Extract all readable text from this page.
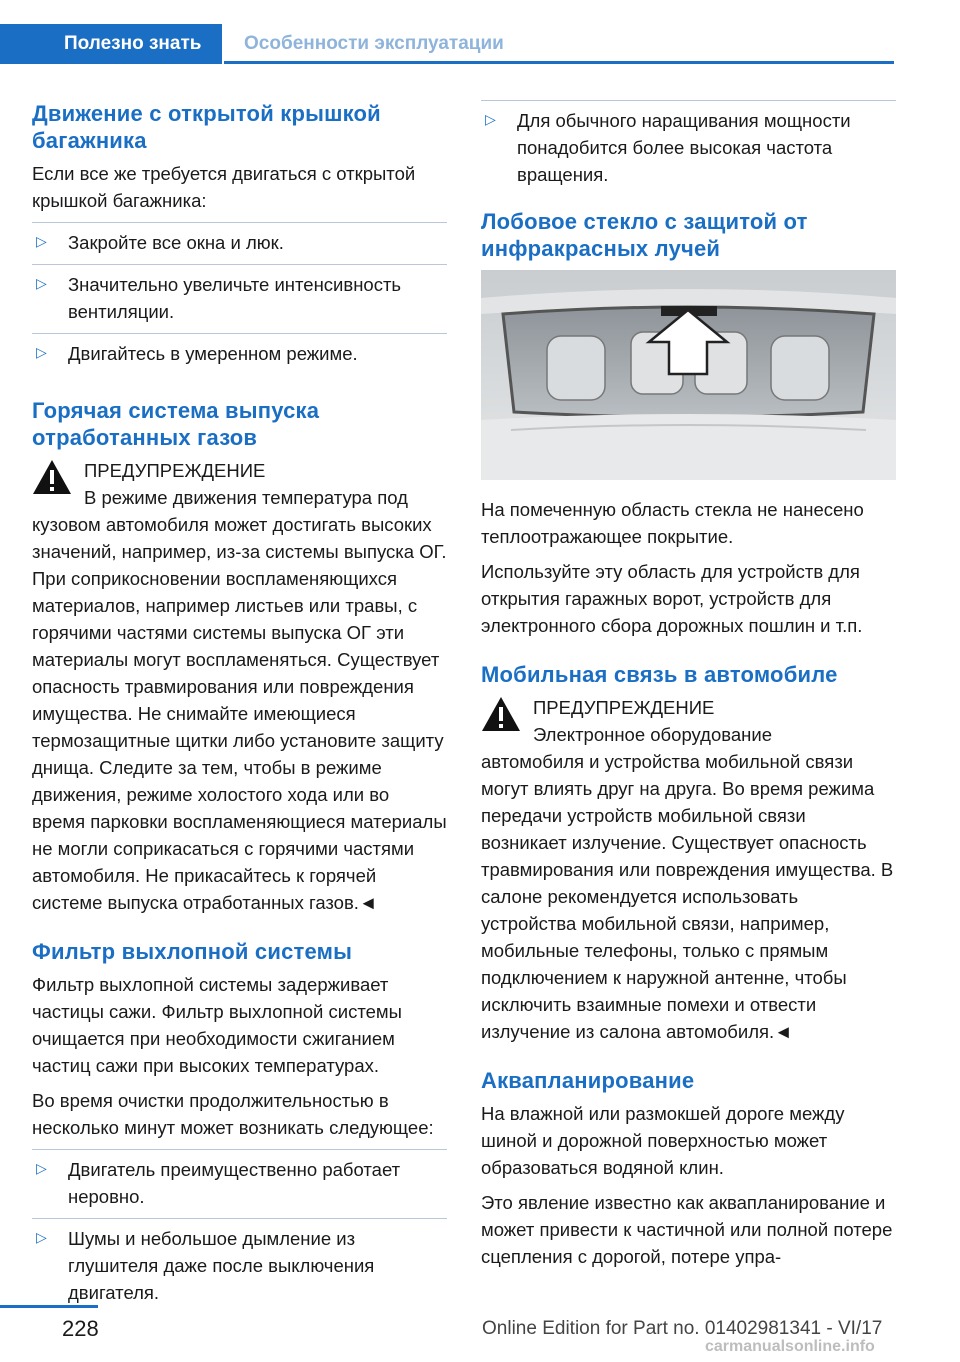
Полезно знать	Особенности эксплуатации
Движение с открытой крышкой багажника

Если все же требуется двигаться с открытой крышкой багажника:

▷ Закройте все окна и люк.
▷ Значительно увеличьте интенсивность вентиляции.
▷ Двигайтесь в умеренном режиме.
Горячая система выпуска отработанных газов
ПРЕДУПРЕЖДЕНИЕ
В режиме движения температура под

кузовом автомобиля может достигать высоких значений, например, из-за системы выпуска ОГ. При соприкосновении воспламеняющихся материалов, например листьев или травы, с горячими частями системы выпуска ОГ эти материалы могут воспламеняться. Существует опасность травмирования или повреждения имущества. Не снимайте имеющиеся термозащитные щитки либо установите защиту днища. Следите за тем, чтобы в режиме движения, режиме холостого хода или во время парковки воспламеняющиеся материалы не могли соприкасаться с горячими частями автомобиля. Не прикасайтесь к горячей системе выпуска отработанных газов.◄

Фильтр выхлопной системы

Фильтр выхлопной системы задерживает частицы сажи. Фильтр выхлопной системы очищается при необходимости сжиганием частиц сажи при высоких температурах.

Во время очистки продолжительностью в несколько минут может возникать следующее:

▷ Двигатель преимущественно работает неровно.
▷ Шумы и небольшое дымление из глушителя даже после выключения двигателя.
▷ Для обычного наращивания мощности понадобится более высокая частота вращения.
Лобовое стекло с защитой от инфракрасных лучей

На помеченную область стекла не нанесено теплоотражающее покрытие.

Используйте эту область для устройств для открытия гаражных ворот, устройств для электронного сбора дорожных пошлин и т.п.

Мобильная связь в автомобиле
ПРЕДУПРЕЖДЕНИЕ
Электронное оборудование

автомобиля и устройства мобильной связи могут влиять друг на друга. Во время режима передачи устройств мобильной связи возникает излучение. Существует опасность травмирования или повреждения имущества. В салоне рекомендуется использовать устройства мобильной связи, например, мобильные телефоны, только с прямым подключением к наружной антенне, чтобы исключить взаимные помехи и отвести излучение из салона автомобиля.◄

Аквапланирование

На влажной или размокшей дороге между шиной и дорожной поверхностью может образоваться водяной клин.

Это явление известно как аквапланирование и может привести к частичной или полной потере сцепления с дорогой, потере упра-

228	Online Edition for Part no. 01402981341 - VI/17
carmanualsonline.info
